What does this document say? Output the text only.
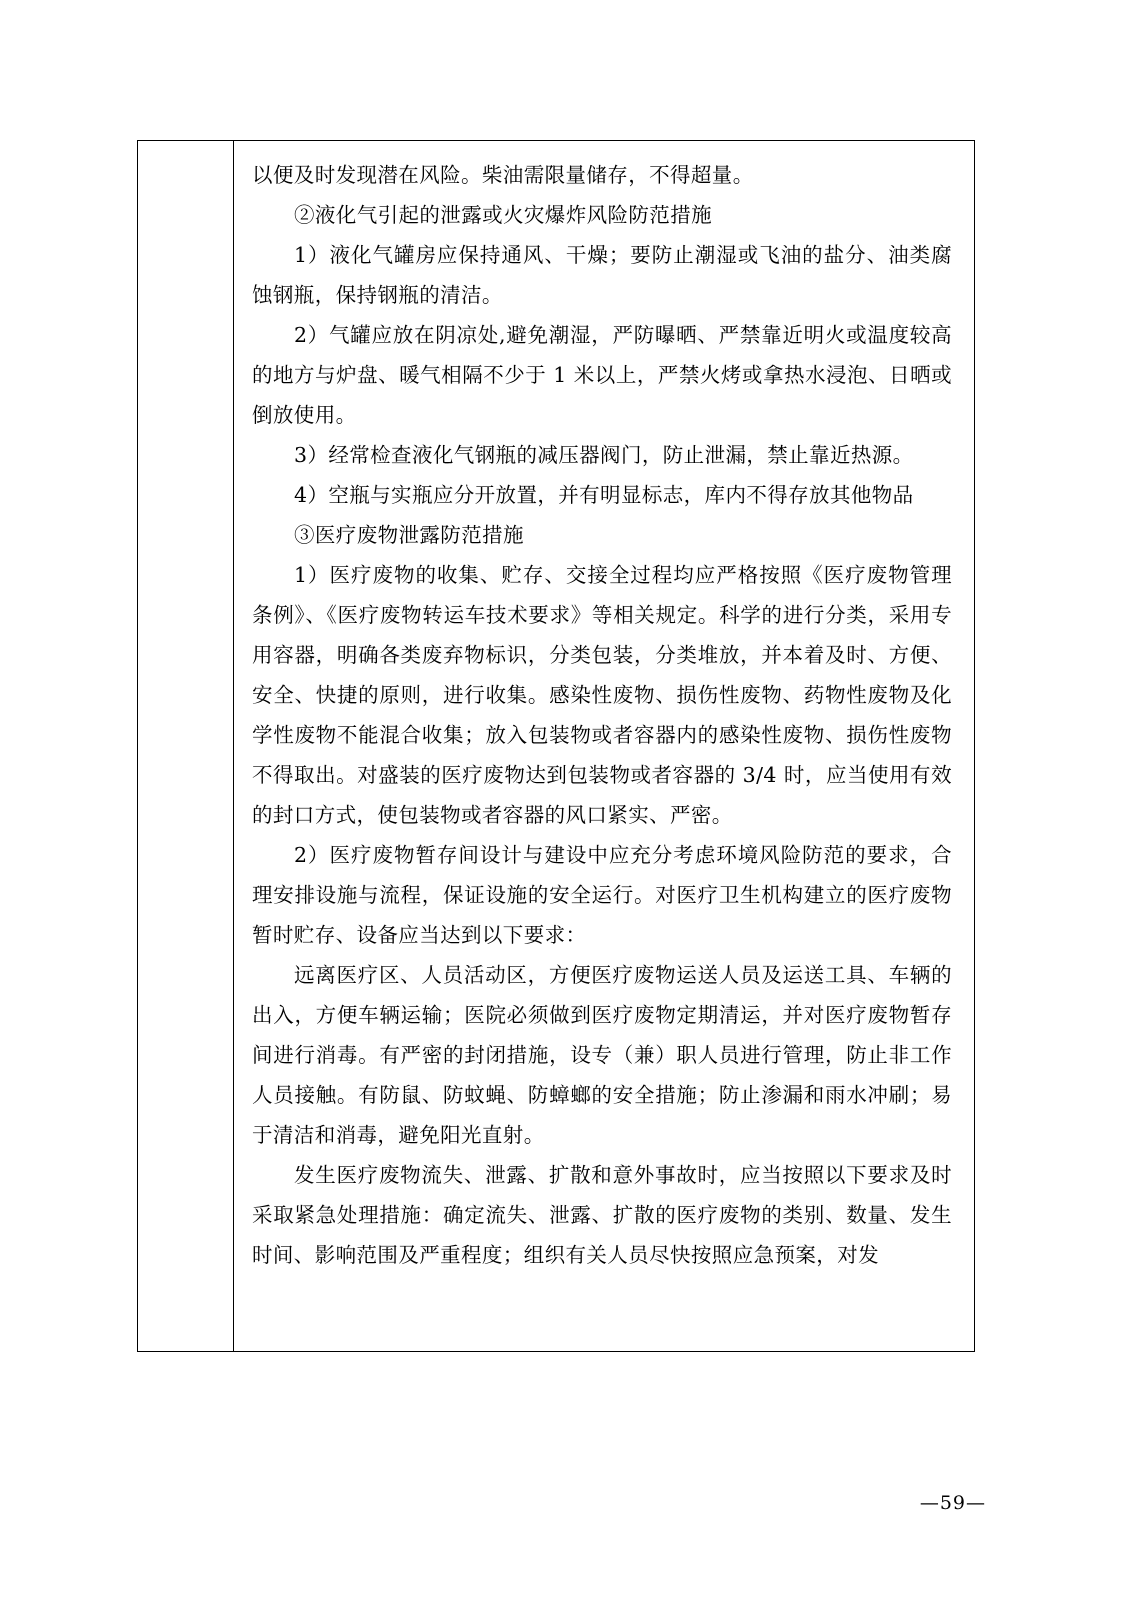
以便及时发现潜在风险。柴油需限量储存，不得超量。

②液化气引起的泄露或火灾爆炸风险防范措施

1）液化气罐房应保持通风、干燥；要防止潮湿或飞油的盐分、油类腐蚀钢瓶，保持钢瓶的清洁。

2）气罐应放在阴凉处,避免潮湿，严防曝晒、严禁靠近明火或温度较高的地方与炉盘、暖气相隔不少于 1 米以上，严禁火烤或拿热水浸泡、日晒或倒放使用。

3）经常检查液化气钢瓶的减压器阀门，防止泄漏，禁止靠近热源。

4）空瓶与实瓶应分开放置，并有明显标志，库内不得存放其他物品

③医疗废物泄露防范措施

1）医疗废物的收集、贮存、交接全过程均应严格按照《医疗废物管理条例》、《医疗废物转运车技术要求》等相关规定。科学的进行分类，采用专用容器，明确各类废弃物标识，分类包装，分类堆放，并本着及时、方便、安全、快捷的原则，进行收集。感染性废物、损伤性废物、药物性废物及化学性废物不能混合收集；放入包装物或者容器内的感染性废物、损伤性废物不得取出。对盛装的医疗废物达到包装物或者容器的 3/4 时，应当使用有效的封口方式，使包装物或者容器的风口紧实、严密。

2）医疗废物暂存间设计与建设中应充分考虑环境风险防范的要求，合理安排设施与流程，保证设施的安全运行。对医疗卫生机构建立的医疗废物暂时贮存、设备应当达到以下要求：

远离医疗区、人员活动区，方便医疗废物运送人员及运送工具、车辆的出入，方便车辆运输；医院必须做到医疗废物定期清运，并对医疗废物暂存间进行消毒。有严密的封闭措施，设专（兼）职人员进行管理，防止非工作人员接触。有防鼠、防蚊蝇、防蟑螂的安全措施；防止渗漏和雨水冲刷；易于清洁和消毒，避免阳光直射。

发生医疗废物流失、泄露、扩散和意外事故时，应当按照以下要求及时采取紧急处理措施：确定流失、泄露、扩散的医疗废物的类别、数量、发生时间、影响范围及严重程度；组织有关人员尽快按照应急预案，对发

—59—
